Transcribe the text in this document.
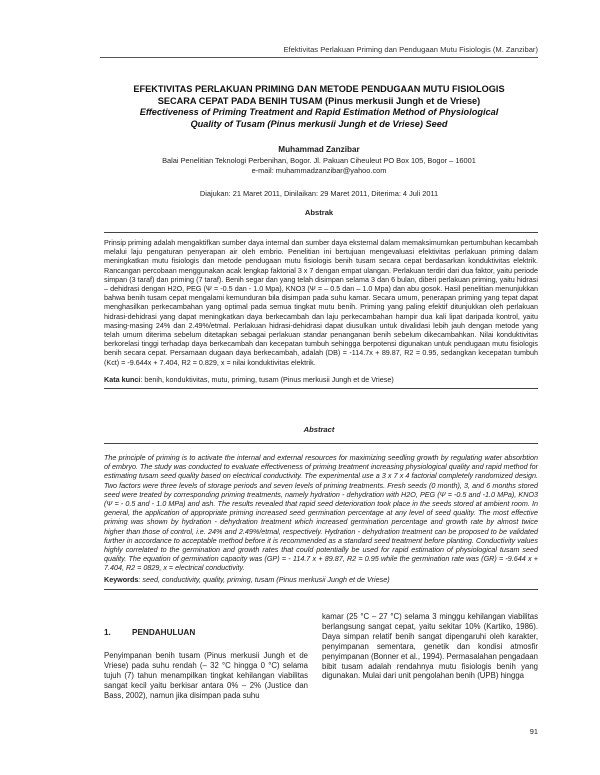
Efektivitas Perlakuan Priming dan Pendugaan Mutu Fisiologis (M. Zanzibar)
EFEKTIVITAS PERLAKUAN PRIMING DAN METODE PENDUGAAN MUTU FISIOLOGIS
SECARA CEPAT PADA BENIH TUSAM (Pinus merkusii Jungh et de Vriese)
Effectiveness of Priming Treatment and Rapid Estimation Method of Physiological
Quality of Tusam (Pinus merkusii Jungh et de Vriese) Seed
Muhammad Zanzibar
Balai Penelitian Teknologi Perbenihan, Bogor. Jl. Pakuan Ciheuleut PO Box 105, Bogor – 16001
e-mail: muhammadzanzibar@yahoo.com
Diajukan: 21 Maret 2011, Dinilaikan: 29 Maret 2011, Diterima: 4 Juli 2011
Abstrak
Prinsip priming adalah mengaktifkan sumber daya internal dan sumber daya eksternal dalam memaksimumkan pertumbuhan kecambah melalui laju pengaturan penyerapan air oleh embrio. Penelitian ini bertujuan mengevaluasi efektivitas perlakuan priming dalam meningkatkan mutu fisiologis dan metode pendugaan mutu fisiologis benih tusam secara cepat berdasarkan konduktivitas elektrik. Rancangan percobaan menggunakan acak lengkap faktorial 3 x 7 dengan empat ulangan. Perlakuan terdiri dari dua faktor, yaitu periode simpan (3 taraf) dan priming (7 taraf). Benih segar dan yang telah disimpan selama 3 dan 6 bulan, diberi perlakuan priming, yaitu hidrasi – dehidrasi dengan H2O, PEG (Ψ = -0.5 dan - 1.0 Mpa), KNO3 (Ψ = – 0.5 dan – 1.0 Mpa) dan abu gosok. Hasil penelitian menunjukkan bahwa benih tusam cepat mengalami kemunduran bila disimpan pada suhu kamar. Secara umum, penerapan priming yang tepat dapat menghasilkan perkecambahan yang optimal pada semua tingkat mutu benih. Priming yang paling efektif ditunjukkan oleh perlakuan hidrasi-dehidrasi yang dapat meningkatkan daya berkecambah dan laju perkecambahan hampir dua kali lipat daripada kontrol, yaitu masing-masing 24% dan 2.49%/etmal. Perlakuan hidrasi-dehidrasi dapat diusulkan untuk divalidasi lebih jauh dengan metode yang telah umum diterima sebelum ditetapkan sebagai perlakuan standar penanganan benih sebelum dikecambahkan. Nilai konduktivitas berkorelasi tinggi terhadap daya berkecambah dan kecepatan tumbuh sehingga berpotensi digunakan untuk pendugaan mutu fisiologis benih secara cepat. Persamaan dugaan daya berkecambah, adalah (DB) = -114.7x + 89.87, R2 = 0.95, sedangkan kecepatan tumbuh (Kct) = -9.644x + 7.404, R2 = 0.829, x = nilai konduktivitas elektrik.
Kata kunci: benih, konduktivitas, mutu, priming, tusam (Pinus merkusii Jungh et de Vriese)
Abstract
The principle of priming is to activate the internal and external resources for maximizing seedling growth by regulating water absorbtion of embryo. The study was conducted to evaluate effectiveness of priming treatment increasing physiological quality and rapid method for estimating tusam seed quality based on electrical conductivity. The experimental use a 3 x 7 x 4 factorial completely randomized design. Two factors were three levels of storage periods and seven levels of priming treatments. Fresh seeds (0 month), 3, and 6 months stored seed were treated by corresponding priming treatments, namely hydration - dehydration with H2O, PEG (Ψ = -0.5 and -1.0 MPa), KNO3 (Ψ = - 0.5 and - 1.0 MPa) and ash. The results revealed that rapid seed deterioration took place in the seeds stored at ambient room. In general, the application of appropriate priming increased seed germination percentage at any level of seed quality. The most effective priming was shown by hydration - dehydration treatment which increased germination percentage and growth rate by almost twice higher than those of control, i.e. 24% and 2.49%/etmal, respectively. Hydration - dehydration treatment can be proposed to be validated further in accordance to acceptable method before it is recommended as a standard seed treatment before planting. Conductivity values highly correlated to the germination and growth rates that could potentially be used for rapid estimation of physiological tusam seed quality. The equation of germination capacity was (GP) = - 114.7 x + 89.87, R2 = 0.95 while the germination rate was (GR) = -9.644 x + 7.404, R2 = 0829, x = electrical conductivity.
Keywords: seed, conductivity, quality, priming, tusam (Pinus merkusii Jungh et de Vriese)
1.	PENDAHULUAN
Penyimpanan benih tusam (Pinus merkusii Jungh et de Vriese) pada suhu rendah (– 32 °C hingga 0 °C) selama tujuh (7) tahun menampilkan tingkat kehilangan viabilitas sangat kecil yaitu berkisar antara 0% – 2% (Justice dan Bass, 2002), namun jika disimpan pada suhu
kamar (25 °C – 27 °C) selama 3 minggu kehilangan viabilitas berlangsung sangat cepat, yaitu sekitar 10% (Kartiko, 1986). Daya simpan relatif benih sangat dipengaruhi oleh karakter, penyimpanan sementara, genetik dan kondisi atmosfir penyimpanan (Bonner et al., 1994). Permasalahan pengadaan bibit tusam adalah rendahnya mutu fisiologis benih yang digunakan. Mulai dari unit pengolahan benih (UPB) hingga
91
